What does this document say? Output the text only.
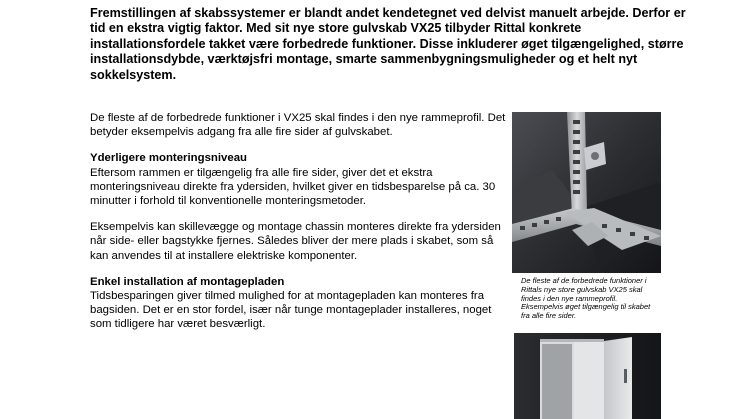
Fremstillingen af skabssystemer er blandt andet kendetegnet ved delvist manuelt arbejde. Derfor er tid en ekstra vigtig faktor. Med sit nye store gulvskab VX25 tilbyder Rittal konkrete installationsfordele takket være forbedrede funktioner. Disse inkluderer øget tilgængelighed, større installationsdybde, værktøjsfri montage, smarte sammenbygningsmuligheder og et helt nyt sokkelsystem.

De fleste af de forbedrede funktioner i VX25 skal findes i den nye rammeprofil. Det betyder eksempelvis adgang fra alle fire sider af gulvskabet.

Yderligere monteringsniveau

Eftersom rammen er tilgængelig fra alle fire sider, giver det et ekstra monteringsniveau direkte fra ydersiden, hvilket giver en tidsbesparelse på ca. 30 minutter i forhold til konventionelle monteringsmetoder.

Eksempelvis kan skillevægge og montage chassin monteres direkte fra ydersiden når side- eller bagstykke fjernes. Således bliver der mere plads i skabet, som så kan anvendes til at installere elektriske komponenter.

Enkel installation af montagepladen

Tidsbesparingen giver tilmed mulighed for at montagepladen kan monteres fra bagsiden. Det er en stor fordel, især når tunge montageplader installeres, noget som tidligere har været besværligt.

De fleste af de forbedrede funktioner i Rittals nye store gulvskab VX25 skal findes i den nye rammeprofil. Eksempelvis øget tilgængelig til skabet fra alle fire sider.
